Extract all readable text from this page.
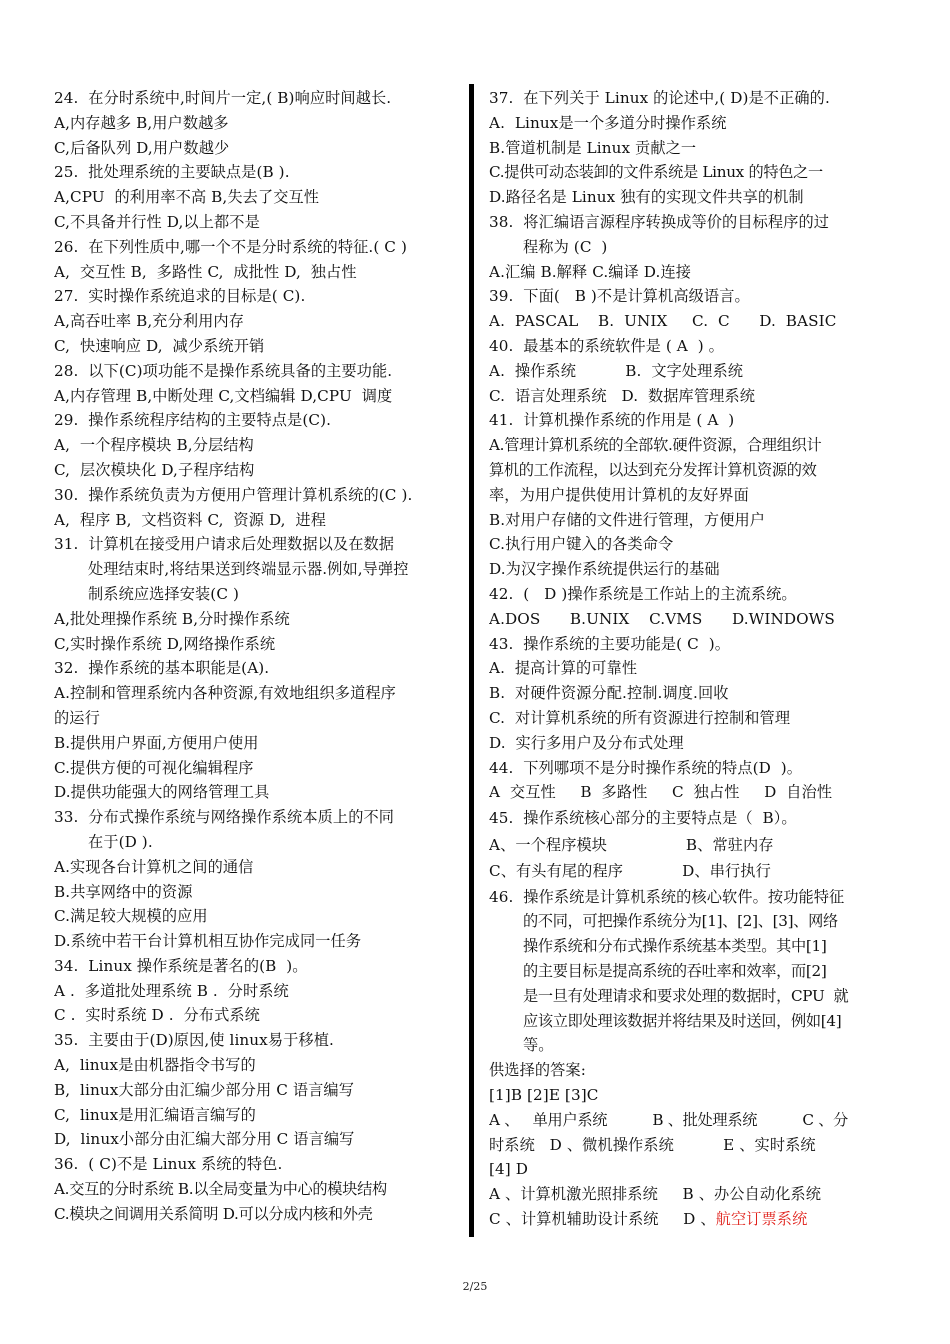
24.  在分时系统中,时间片一定,( B)响应时间越长.
A,内存越多 B,用户数越多
C,后备队列 D,用户数越少
25.  批处理系统的主要缺点是(B ).
A,CPU  的利用率不高 B,失去了交互性
C,不具备并行性 D,以上都不是
26.  在下列性质中,哪一个不是分时系统的特征.( C )
A,  交互性 B,  多路性 C,  成批性 D,  独占性
27.  实时操作系统追求的目标是( C).
A,高吞吐率 B,充分利用内存
C,  快速响应 D,  减少系统开销
28.  以下(C)项功能不是操作系统具备的主要功能.
A,内存管理 B,中断处理 C,文档编辑 D,CPU  调度
29.  操作系统程序结构的主要特点是(C).
A,  一个程序模块 B,分层结构
C,  层次模块化 D,子程序结构
30.  操作系统负责为方便用户管理计算机系统的(C ).
A,  程序 B,  文档资料 C,  资源 D,  进程
31.  计算机在接受用户请求后处理数据以及在数据
处理结束时,将结果送到终端显示器.例如,导弹控
制系统应选择安装(C )
A,批处理操作系统 B,分时操作系统
C,实时操作系统 D,网络操作系统
32.  操作系统的基本职能是(A).
A.控制和管理系统内各种资源,有效地组织多道程序
的运行
B.提供用户界面,方便用户使用
C.提供方便的可视化编辑程序
D.提供功能强大的网络管理工具
33.  分布式操作系统与网络操作系统本质上的不同
在于(D ).
A.实现各台计算机之间的通信
B.共享网络中的资源
C.满足较大规模的应用
D.系统中若干台计算机相互协作完成同一任务
34.  Linux 操作系统是著名的(B  )。
A .  多道批处理系统 B .  分时系统
C .  实时系统 D .  分布式系统
35.  主要由于(D)原因,使 linux易于移植.
A,  linux是由机器指令书写的
B,  linux大部分由汇编少部分用 C 语言编写
C,  linux是用汇编语言编写的
D,  linux小部分由汇编大部分用 C 语言编写
36.  ( C)不是 Linux 系统的特色.
A.交互的分时系统 B.以全局变量为中心的模块结构
C.模块之间调用关系简明 D.可以分成内核和外壳
37.  在下列关于 Linux 的论述中,( D)是不正确的.
A.  Linux是一个多道分时操作系统
B.管道机制是 Linux 贡献之一
C.提供可动态装卸的文件系统是 Linux 的特色之一
D.路径名是 Linux 独有的实现文件共享的机制
38.  将汇编语言源程序转换成等价的目标程序的过
程称为 (C  )
A.汇编 B.解释 C.编译 D.连接
39.  下面(   B )不是计算机高级语言。
A.  PASCAL    B.  UNIX     C.  C      D.  BASIC
40.  最基本的系统软件是 ( A  ) 。
A.  操作系统          B.  文字处理系统
C.  语言处理系统   D.  数据库管理系统
41.  计算机操作系统的作用是 ( A  )
A.管理计算机系统的全部软.硬件资源，合理组织计
算机的工作流程，以达到充分发挥计算机资源的效
率，为用户提供使用计算机的友好界面
B.对用户存储的文件进行管理，方便用户
C.执行用户键入的各类命令
D.为汉字操作系统提供运行的基础
42.  (   D )操作系统是工作站上的主流系统。
A.DOS      B.UNIX    C.VMS      D.WINDOWS
43.  操作系统的主要功能是( C  )。
A.  提高计算的可靠性
B.  对硬件资源分配.控制.调度.回收
C.  对计算机系统的所有资源进行控制和管理
D.  实行多用户及分布式处理
44.  下列哪项不是分时操作系统的特点(D  )。
A  交互性     B  多路性     C  独占性     D  自治性
45.  操作系统核心部分的主要特点是（  B）。
A、一个程序模块                B、常驻内存
C、有头有尾的程序            D、串行执行
46.  操作系统是计算机系统的核心软件。按功能特征
的不同，可把操作系统分为[1]、[2]、[3]、网络
操作系统和分布式操作系统基本类型。其中[1]
的主要目标是提高系统的吞吐率和效率，而[2]
是一旦有处理请求和要求处理的数据时，CPU  就
应该立即处理该数据并将结果及时送回，例如[4]
等。
供选择的答案:
[1]B [2]E [3]C
A 、   单用户系统          B 、批处理系统          C 、分
时系统   D 、微机操作系统          E 、实时系统
[4] D
A 、计算机激光照排系统     B 、办公自动化系统
C 、计算机辅助设计系统     D 、航空订票系统
2/25
